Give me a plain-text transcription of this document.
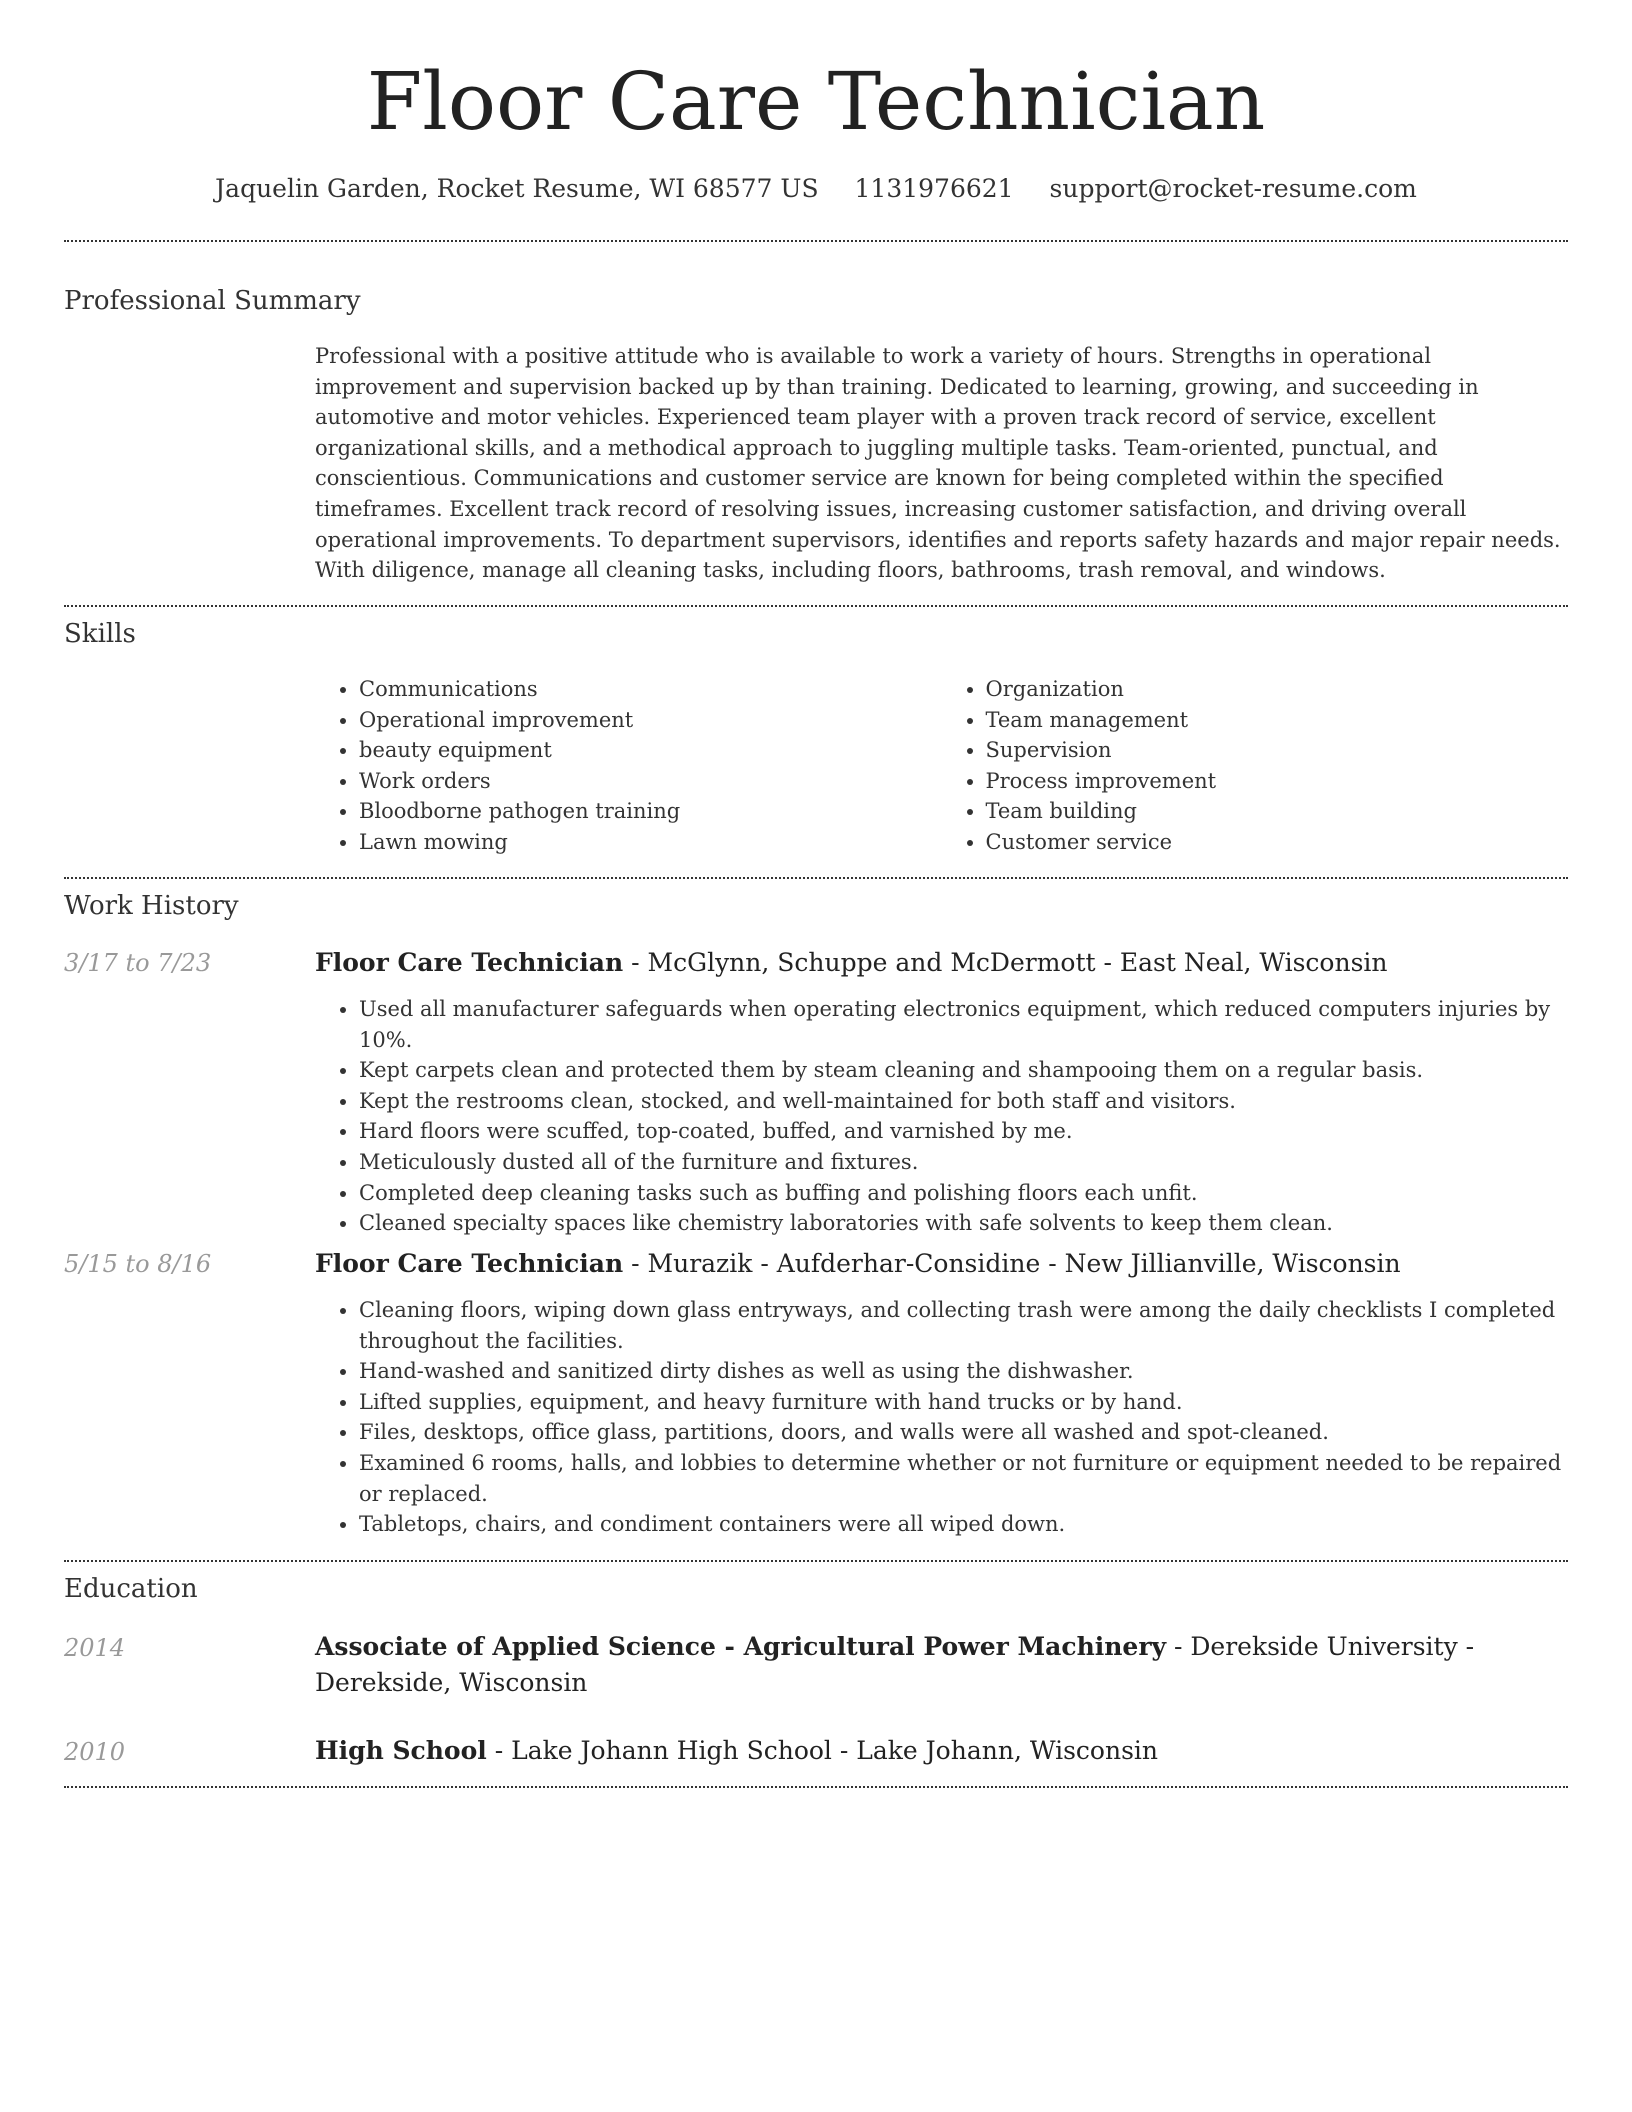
Floor Care Technician
Jaquelin Garden, Rocket Resume, WI 68577 US 1131976621 support@rocket-resume.com
Professional Summary

Professional with a positive attitude who is available to work a variety of hours. Strengths in operational improvement and supervision backed up by than training. Dedicated to learning, growing, and succeeding in automotive and motor vehicles. Experienced team player with a proven track record of service, excellent organizational skills, and a methodical approach to juggling multiple tasks. Team-oriented, punctual, and conscientious. Communications and customer service are known for being completed within the specified timeframes. Excellent track record of resolving issues, increasing customer satisfaction, and driving overall operational improvements. To department supervisors, identifies and reports safety hazards and major repair needs. With diligence, manage all cleaning tasks, including floors, bathrooms, trash removal, and windows.

Skills
• Communications
• Operational improvement
• beauty equipment
• Work orders
• Bloodborne pathogen training
• Lawn mowing
• Organization
• Team management
• Supervision
• Process improvement
• Team building
• Customer service
Work History
3/17 to 7/23	Floor Care Technician - McGlynn, Schuppe and McDermott - East Neal, Wisconsin

• Used all manufacturer safeguards when operating electronics equipment, which reduced computers injuries by 10%.
• Kept carpets clean and protected them by steam cleaning and shampooing them on a regular basis.
• Kept the restrooms clean, stocked, and well-maintained for both staff and visitors.
• Hard floors were scuffed, top-coated, buffed, and varnished by me.
• Meticulously dusted all of the furniture and fixtures.
• Completed deep cleaning tasks such as buffing and polishing floors each unfit.
• Cleaned specialty spaces like chemistry laboratories with safe solvents to keep them clean.
5/15 to 8/16	Floor Care Technician - Murazik - Aufderhar-Considine - New Jillianville, Wisconsin

• Cleaning floors, wiping down glass entryways, and collecting trash were among the daily checklists I completed throughout the facilities.
• Hand-washed and sanitized dirty dishes as well as using the dishwasher.
• Lifted supplies, equipment, and heavy furniture with hand trucks or by hand.
• Files, desktops, office glass, partitions, doors, and walls were all washed and spot-cleaned.
• Examined 6 rooms, halls, and lobbies to determine whether or not furniture or equipment needed to be repaired or replaced.
• Tabletops, chairs, and condiment containers were all wiped down.
Education
2014	Associate of Applied Science - Agricultural Power Machinery - Derekside University - Derekside, Wisconsin

2010	High School - Lake Johann High School - Lake Johann, Wisconsin
